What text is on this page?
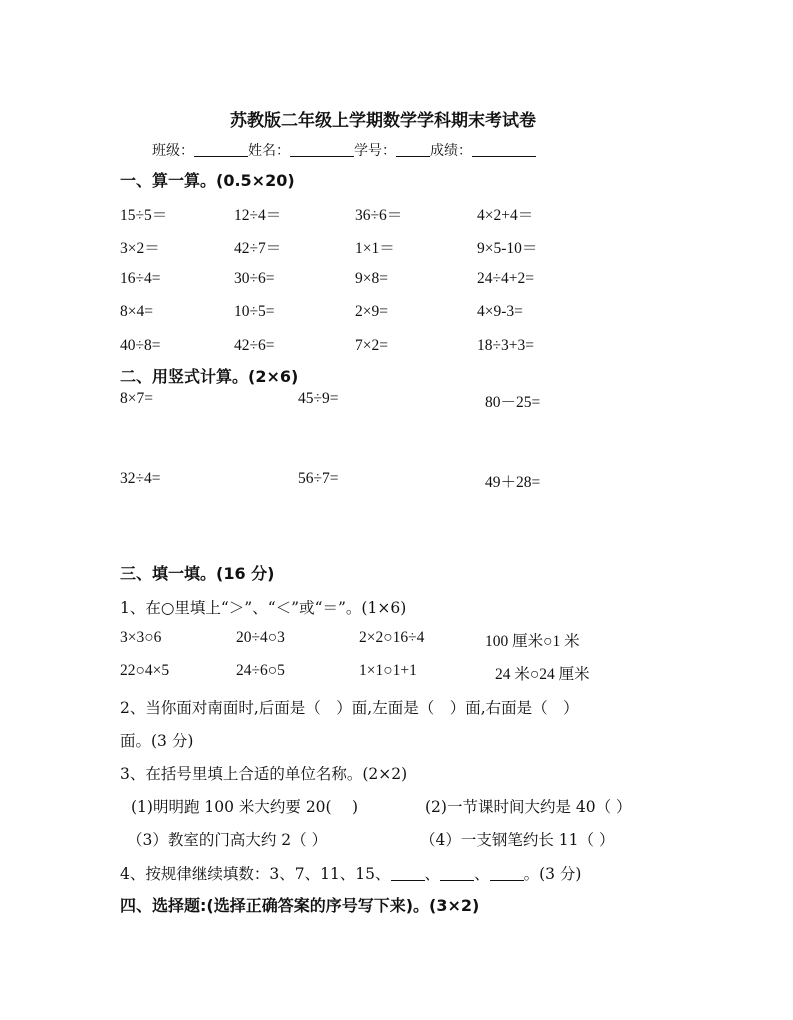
苏教版二年级上学期数学学科期末考试卷
班级：	姓名：	学号： 成绩：
一、算一算。(0.5×20)
15÷5＝	12÷4＝	36÷6＝	4×2+4＝
3×2＝	42÷7＝	1×1＝	9×5-10＝
16÷4=	30÷6=	9×8=	24÷4+2=
8×4=	10÷5=	2×9=	4×9-3=
40÷8=	42÷6=	7×2=	18÷3+3=
二、用竖式计算。(2×6)
8×7=	45÷9=	80－25=
32÷4=	56÷7=	49＋28=
三、填一填。(16 分)
1、在○里填上“＞”、“＜”或“＝”。(1×6)
3×3○6	20÷4○3	2×2○16÷4	100 厘米○1 米
22○4×5	24÷6○5	1×1○1+1	24 米○24 厘米
2、当你面对南面时,后面是（　）面,左面是（　）面,右面是（　）
面。(3 分)
3、在括号里填上合适的单位名称。(2×2)
(1)明明跑 100 米大约要 20(　 )	(2)一节课时间大约是 40（ ）
（3）教室的门高大约 2（ ）	（4）一支钢笔约长 11（ ）
4、按规律继续填数：3、7、11、15、 、 、 。(3 分)
四、选择题:(选择正确答案的序号写下来)。(3×2)
